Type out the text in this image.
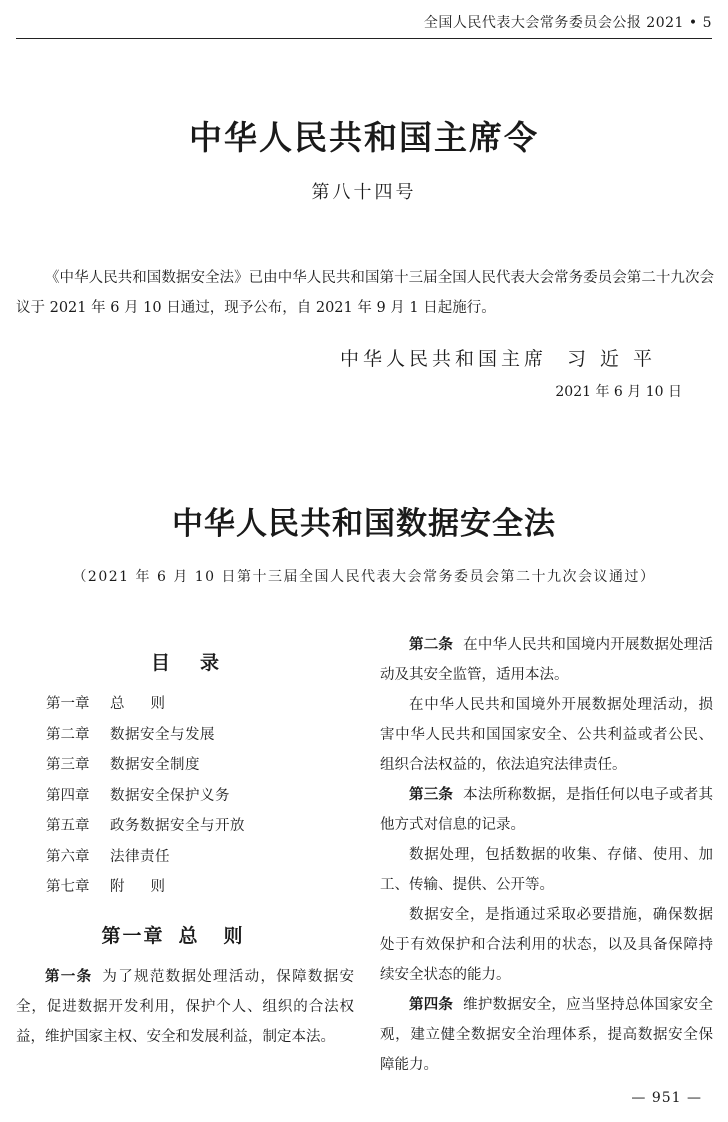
全国人民代表大会常务委员会公报 2021 • 5
中华人民共和国主席令
第八十四号

《中华人民共和国数据安全法》已由中华人民共和国第十三届全国人民代表大会常务委员会第二十九次会议于 2021 年 6 月 10 日通过，现予公布，自 2021 年 9 月 1 日起施行。

中华人民共和国主席 习近平
2021 年 6 月 10 日
中华人民共和国数据安全法
（2021 年 6 月 10 日第十三届全国人民代表大会常务委员会第二十九次会议通过）
目录
第一章 总则
第二章 数据安全与发展
第三章 数据安全制度
第四章 数据安全保护义务
第五章 政务数据安全与开放
第六章 法律责任
第七章 附则
第一章 总则

第一条 为了规范数据处理活动，保障数据安全，促进数据开发利用，保护个人、组织的合法权益，维护国家主权、安全和发展利益，制定本法。

第二条 在中华人民共和国境内开展数据处理活动及其安全监管，适用本法。

在中华人民共和国境外开展数据处理活动，损害中华人民共和国国家安全、公共利益或者公民、组织合法权益的，依法追究法律责任。

第三条 本法所称数据，是指任何以电子或者其他方式对信息的记录。

数据处理，包括数据的收集、存储、使用、加工、传输、提供、公开等。

数据安全，是指通过采取必要措施，确保数据处于有效保护和合法利用的状态，以及具备保障持续安全状态的能力。

第四条 维护数据安全，应当坚持总体国家安全观，建立健全数据安全治理体系，提高数据安全保障能力。

— 951 —
